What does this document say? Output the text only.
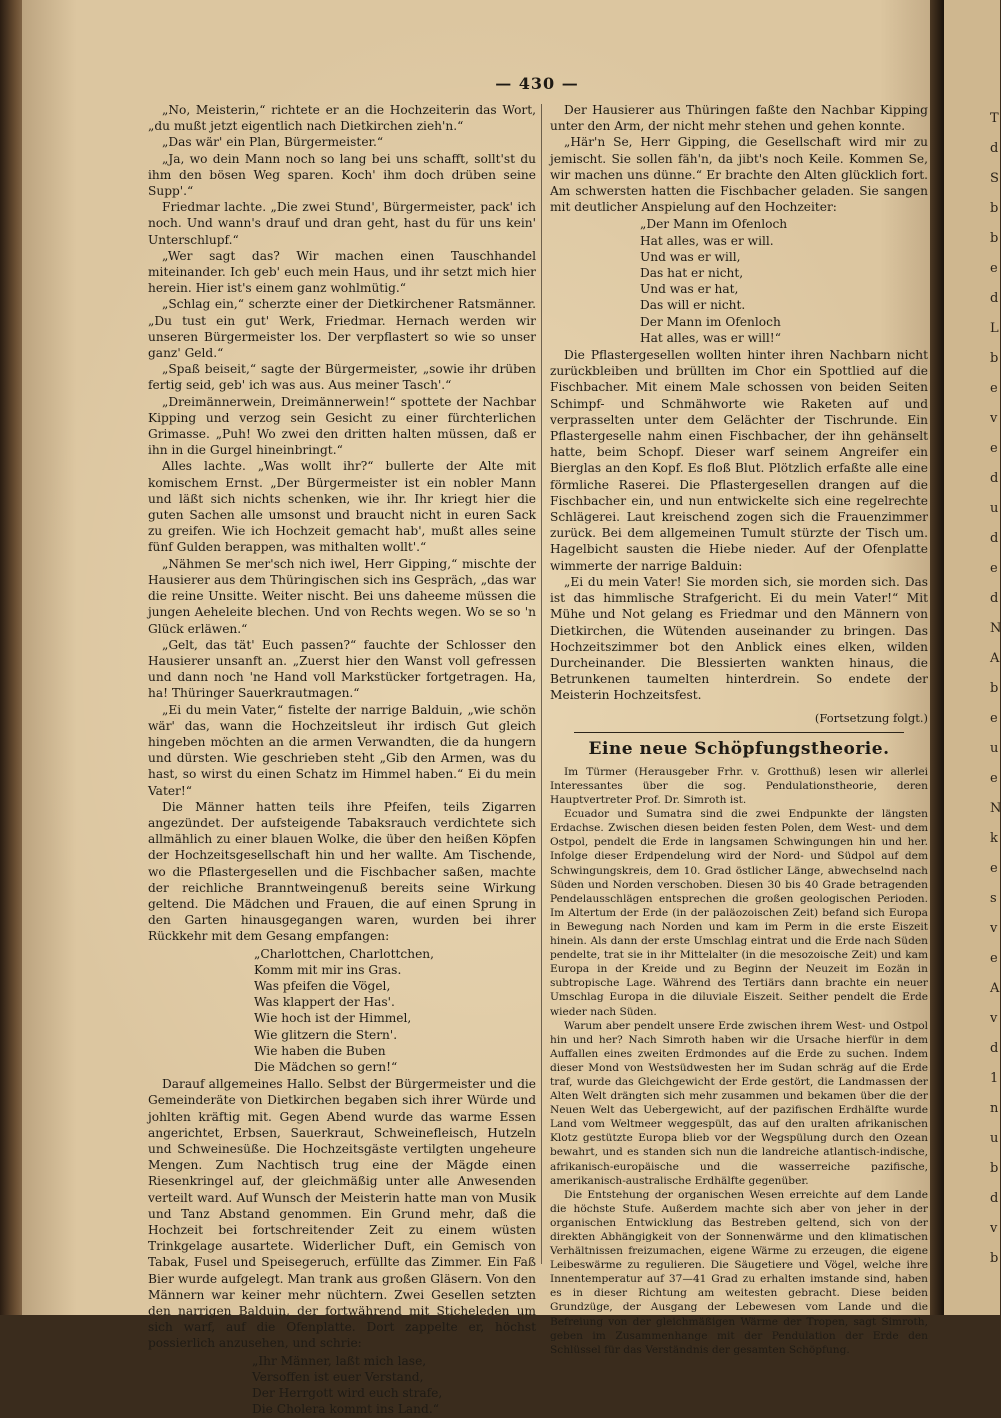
— 430 —

„No, Meisterin,“ richtete er an die Hochzeiterin das Wort, „du mußt jetzt eigentlich nach Dietkirchen zieh'n.“

„Das wär' ein Plan, Bürgermeister.“

„Ja, wo dein Mann noch so lang bei uns schafft, sollt'st du ihm den bösen Weg sparen. Koch' ihm doch drüben seine Supp'.“

Friedmar lachte. „Die zwei Stund', Bürgermeister, pack' ich noch. Und wann's drauf und dran geht, hast du für uns kein' Unterschlupf.“

„Wer sagt das? Wir machen einen Tauschhandel miteinander. Ich geb' euch mein Haus, und ihr setzt mich hier herein. Hier ist's einem ganz wohlmütig.“

„Schlag ein,“ scherzte einer der Dietkirchener Ratsmänner. „Du tust ein gut' Werk, Friedmar. Hernach werden wir unseren Bürgermeister los. Der verpflastert so wie so unser ganz' Geld.“

„Spaß beiseit,“ sagte der Bürgermeister, „sowie ihr drüben fertig seid, geb' ich was aus. Aus meiner Tasch'.“

„Dreimännerwein, Dreimännerwein!“ spottete der Nachbar Kipping und verzog sein Gesicht zu einer fürchterlichen Grimasse. „Puh! Wo zwei den dritten halten müssen, daß er ihn in die Gurgel hineinbringt.“

Alles lachte. „Was wollt ihr?“ bullerte der Alte mit komischem Ernst. „Der Bürgermeister ist ein nobler Mann und läßt sich nichts schenken, wie ihr. Ihr kriegt hier die guten Sachen alle umsonst und braucht nicht in euren Sack zu greifen. Wie ich Hochzeit gemacht hab', mußt alles seine fünf Gulden berappen, was mithalten wollt'.“

„Nähmen Se mer'sch nich iwel, Herr Gipping,“ mischte der Hausierer aus dem Thüringischen sich ins Gespräch, „das war die reine Unsitte. Weiter nischt. Bei uns daheeme müssen die jungen Aeheleite blechen. Und von Rechts wegen. Wo se so 'n Glück erläwen.“

„Gelt, das tät' Euch passen?“ fauchte der Schlosser den Hausierer unsanft an. „Zuerst hier den Wanst voll gefressen und dann noch 'ne Hand voll Markstücker fortgetragen. Ha, ha! Thüringer Sauerkrautmagen.“

„Ei du mein Vater,“ fistelte der narrige Balduin, „wie schön wär' das, wann die Hochzeitsleut ihr irdisch Gut gleich hingeben möchten an die armen Verwandten, die da hungern und dürsten. Wie geschrieben steht „Gib den Armen, was du hast, so wirst du einen Schatz im Himmel haben.“ Ei du mein Vater!“

Die Männer hatten teils ihre Pfeifen, teils Zigarren angezündet. Der aufsteigende Tabaksrauch verdichtete sich allmählich zu einer blauen Wolke, die über den heißen Köpfen der Hochzeitsgesellschaft hin und her wallte. Am Tischende, wo die Pflastergesellen und die Fischbacher saßen, machte der reichliche Branntweingenuß bereits seine Wirkung geltend. Die Mädchen und Frauen, die auf einen Sprung in den Garten hinausgegangen waren, wurden bei ihrer Rückkehr mit dem Gesang empfangen:

„Charlottchen, Charlottchen,
Komm mit mir ins Gras.
Was pfeifen die Vögel,
Was klappert der Has'.
Wie hoch ist der Himmel,
Wie glitzern die Stern'.
Wie haben die Buben
Die Mädchen so gern!“

Darauf allgemeines Hallo. Selbst der Bürgermeister und die Gemeinderäte von Dietkirchen begaben sich ihrer Würde und johlten kräftig mit. Gegen Abend wurde das warme Essen angerichtet, Erbsen, Sauerkraut, Schweinefleisch, Hutzeln und Schweinesüße. Die Hochzeitsgäste vertilgten ungeheure Mengen. Zum Nachtisch trug eine der Mägde einen Riesenkringel auf, der gleichmäßig unter alle Anwesenden verteilt ward. Auf Wunsch der Meisterin hatte man von Musik und Tanz Abstand genommen. Ein Grund mehr, daß die Hochzeit bei fortschreitender Zeit zu einem wüsten Trinkgelage ausartete. Widerlicher Duft, ein Gemisch von Tabak, Fusel und Speisegeruch, erfüllte das Zimmer. Ein Faß Bier wurde aufgelegt. Man trank aus großen Gläsern. Von den Männern war keiner mehr nüchtern. Zwei Gesellen setzten den narrigen Balduin, der fortwährend mit Sticheleden um sich warf, auf die Ofenplatte. Dort zappelte er, höchst possierlich anzusehen, und schrie:

„Ihr Männer, laßt mich lase,
Versoffen ist euer Verstand,
Der Herrgott wird euch strafe,
Die Cholera kommt ins Land.“

Der Hausierer aus Thüringen faßte den Nachbar Kipping unter den Arm, der nicht mehr stehen und gehen konnte.

„Här'n Se, Herr Gipping, die Gesellschaft wird mir zu jemischt. Sie sollen fäh'n, da jibt's noch Keile. Kommen Se, wir machen uns dünne.“ Er brachte den Alten glücklich fort. Am schwersten hatten die Fischbacher geladen. Sie sangen mit deutlicher Anspielung auf den Hochzeiter:

„Der Mann im Ofenloch
Hat alles, was er will.
Und was er will,
Das hat er nicht,
Und was er hat,
Das will er nicht.
Der Mann im Ofenloch
Hat alles, was er will!“

Die Pflastergesellen wollten hinter ihren Nachbarn nicht zurückbleiben und brüllten im Chor ein Spottlied auf die Fischbacher. Mit einem Male schossen von beiden Seiten Schimpf- und Schmähworte wie Raketen auf und verprasselten unter dem Gelächter der Tischrunde. Ein Pflastergeselle nahm einen Fischbacher, der ihn gehänselt hatte, beim Schopf. Dieser warf seinem Angreifer ein Bierglas an den Kopf. Es floß Blut. Plötzlich erfaßte alle eine förmliche Raserei. Die Pflastergesellen drangen auf die Fischbacher ein, und nun entwickelte sich eine regelrechte Schlägerei. Laut kreischend zogen sich die Frauenzimmer zurück. Bei dem allgemeinen Tumult stürzte der Tisch um. Hagelbicht sausten die Hiebe nieder. Auf der Ofenplatte wimmerte der narrige Balduin:

„Ei du mein Vater! Sie morden sich, sie morden sich. Das ist das himmlische Strafgericht. Ei du mein Vater!“ Mit Mühe und Not gelang es Friedmar und den Männern von Dietkirchen, die Wütenden auseinander zu bringen. Das Hochzeitszimmer bot den Anblick eines elken, wilden Durcheinander. Die Blessierten wankten hinaus, die Betrunkenen taumelten hinterdrein. So endete der Meisterin Hochzeitsfest.

(Fortsetzung folgt.)
Eine neue Schöpfungstheorie.

Im Türmer (Herausgeber Frhr. v. Grotthuß) lesen wir allerlei Interessantes über die sog. Pendulationstheorie, deren Hauptvertreter Prof. Dr. Simroth ist.

Ecuador und Sumatra sind die zwei Endpunkte der längsten Erdachse. Zwischen diesen beiden festen Polen, dem West- und dem Ostpol, pendelt die Erde in langsamen Schwingungen hin und her. Infolge dieser Erdpendelung wird der Nord- und Südpol auf dem Schwingungskreis, dem 10. Grad östlicher Länge, abwechselnd nach Süden und Norden verschoben. Diesen 30 bis 40 Grade betragenden Pendelausschlägen entsprechen die großen geologischen Perioden. Im Altertum der Erde (in der paläozoischen Zeit) befand sich Europa in Bewegung nach Norden und kam im Perm in die erste Eiszeit hinein. Als dann der erste Umschlag eintrat und die Erde nach Süden pendelte, trat sie in ihr Mittelalter (in die mesozoische Zeit) und kam Europa in der Kreide und zu Beginn der Neuzeit im Eozän in subtropische Lage. Während des Tertiärs dann brachte ein neuer Umschlag Europa in die diluviale Eiszeit. Seither pendelt die Erde wieder nach Süden.

Warum aber pendelt unsere Erde zwischen ihrem West- und Ostpol hin und her? Nach Simroth haben wir die Ursache hierfür in dem Auffallen eines zweiten Erdmondes auf die Erde zu suchen. Indem dieser Mond von Westsüdwesten her im Sudan schräg auf die Erde traf, wurde das Gleichgewicht der Erde gestört, die Landmassen der Alten Welt drängten sich mehr zusammen und bekamen über die der Neuen Welt das Uebergewicht, auf der pazifischen Erdhälfte wurde Land vom Weltmeer weggespült, das auf den uralten afrikanischen Klotz gestützte Europa blieb vor der Wegspülung durch den Ozean bewahrt, und es standen sich nun die landreiche atlantisch-indische, afrikanisch-europäische und die wasserreiche pazifische, amerikanisch-australische Erdhälfte gegenüber.

Die Entstehung der organischen Wesen erreichte auf dem Lande die höchste Stufe. Außerdem machte sich aber von jeher in der organischen Entwicklung das Bestreben geltend, sich von der direkten Abhängigkeit von der Sonnenwärme und den klimatischen Verhältnissen freizumachen, eigene Wärme zu erzeugen, die eigene Leibeswärme zu regulieren. Die Säugetiere und Vögel, welche ihre Innentemperatur auf 37—41 Grad zu erhalten imstande sind, haben es in dieser Richtung am weitesten gebracht. Diese beiden Grundzüge, der Ausgang der Lebewesen vom Lande und die Befreiung von der gleichmäßigen Wärme der Tropen, sagt Simroth, geben im Zusammenhange mit der Pendulation der Erde den Schlüssel für das Verständnis der gesamten Schöpfung.

T
d
S
b
b
e
d
L
b
e
v
e
d
u
d
e
d
N
A
b
e
u
e
N
k
e
s
v
e
A
v
d
1
n
u
b
d
v
b
